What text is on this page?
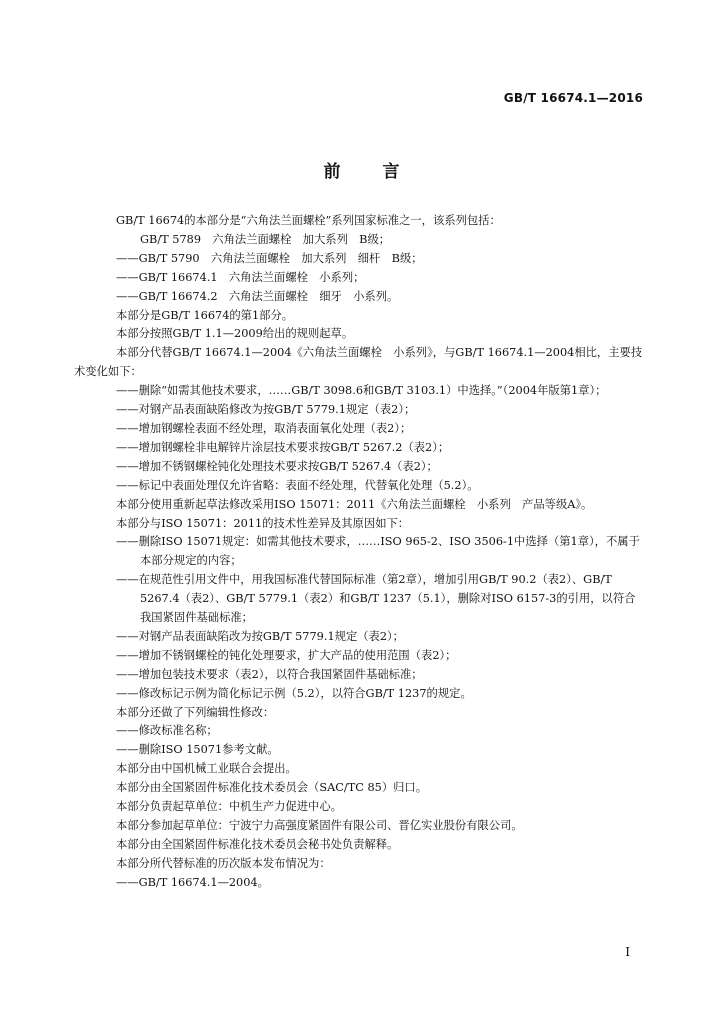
GB/T 16674.1—2016
前 言

GB/T 16674的本部分是“六角法兰面螺栓”系列国家标准之一，该系列包括：

GB/T 5789　六角法兰面螺栓　加大系列　B级；

——GB/T 5790　六角法兰面螺栓　加大系列　细杆　B级；

——GB/T 16674.1　六角法兰面螺栓　小系列；

——GB/T 16674.2　六角法兰面螺栓　细牙　小系列。

本部分是GB/T 16674的第1部分。

本部分按照GB/T 1.1—2009给出的规则起草。

本部分代替GB/T 16674.1—2004《六角法兰面螺栓　小系列》，与GB/T 16674.1—2004相比，主要技术变化如下：

——删除“如需其他技术要求，……GB/T 3098.6和GB/T 3103.1）中选择。”（2004年版第1章）；

——对钢产品表面缺陷修改为按GB/T 5779.1规定（表2）；

——增加钢螺栓表面不经处理，取消表面氧化处理（表2）；

——增加钢螺栓非电解锌片涂层技术要求按GB/T 5267.2（表2）；

——增加不锈钢螺栓钝化处理技术要求按GB/T 5267.4（表2）；

——标记中表面处理仅允许省略：表面不经处理，代替氧化处理（5.2）。

本部分使用重新起草法修改采用ISO 15071：2011《六角法兰面螺栓　小系列　产品等级A》。

本部分与ISO 15071：2011的技术性差异及其原因如下：

——删除ISO 15071规定：如需其他技术要求，……ISO 965-2、ISO 3506-1中选择（第1章），不属于本部分规定的内容；

——在规范性引用文件中，用我国标准代替国际标准（第2章），增加引用GB/T 90.2（表2）、GB/T 5267.4（表2）、GB/T 5779.1（表2）和GB/T 1237（5.1），删除对ISO 6157-3的引用，以符合我国紧固件基础标准；

——对钢产品表面缺陷改为按GB/T 5779.1规定（表2）；

——增加不锈钢螺栓的钝化处理要求，扩大产品的使用范围（表2）；

——增加包装技术要求（表2），以符合我国紧固件基础标准；

——修改标记示例为简化标记示例（5.2），以符合GB/T 1237的规定。

本部分还做了下列编辑性修改：

——修改标准名称；

——删除ISO 15071参考文献。

本部分由中国机械工业联合会提出。

本部分由全国紧固件标准化技术委员会（SAC/TC 85）归口。

本部分负责起草单位：中机生产力促进中心。

本部分参加起草单位：宁波宁力高强度紧固件有限公司、晋亿实业股份有限公司。

本部分由全国紧固件标准化技术委员会秘书处负责解释。

本部分所代替标准的历次版本发布情况为：

——GB/T 16674.1—2004。

I
